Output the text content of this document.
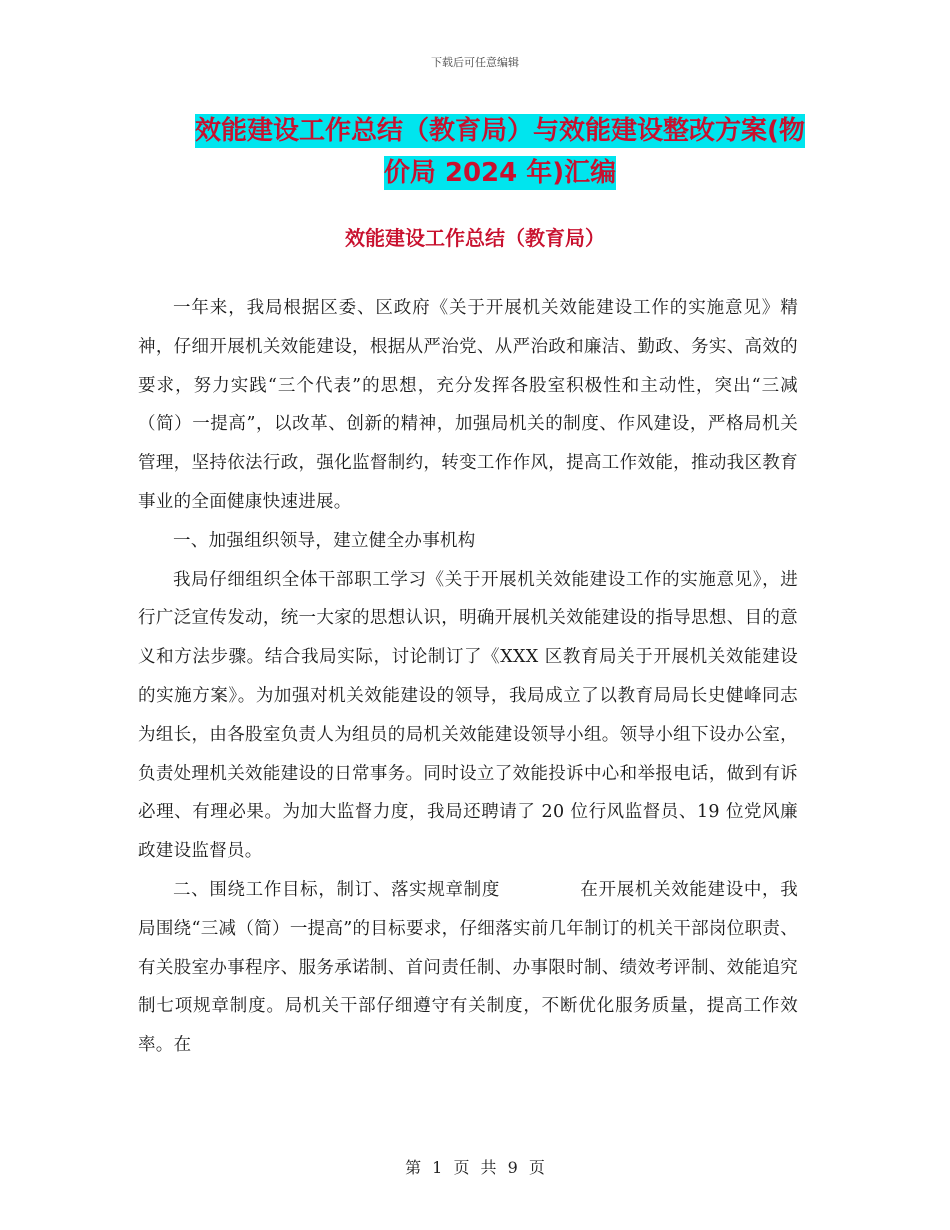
下载后可任意编辑
效能建设工作总结（教育局）与效能建设整改方案(物
价局 2024 年)汇编
效能建设工作总结（教育局）

一年来，我局根据区委、区政府《关于开展机关效能建设工作的实施意见》精神，仔细开展机关效能建设，根据从严治党、从严治政和廉洁、勤政、务实、高效的要求，努力实践“三个代表”的思想，充分发挥各股室积极性和主动性，突出“三减（简）一提高”，以改革、创新的精神，加强局机关的制度、作风建设，严格局机关管理，坚持依法行政，强化监督制约，转变工作作风，提高工作效能，推动我区教育事业的全面健康快速进展。

一、加强组织领导，建立健全办事机构

我局仔细组织全体干部职工学习《关于开展机关效能建设工作的实施意见》，进行广泛宣传发动，统一大家的思想认识，明确开展机关效能建设的指导思想、目的意义和方法步骤。结合我局实际，讨论制订了《XXX 区教育局关于开展机关效能建设的实施方案》。为加强对机关效能建设的领导，我局成立了以教育局局长史健峰同志为组长，由各股室负责人为组员的局机关效能建设领导小组。领导小组下设办公室，负责处理机关效能建设的日常事务。同时设立了效能投诉中心和举报电话，做到有诉必理、有理必果。为加大监督力度，我局还聘请了 20 位行风监督员、19 位党风廉政建设监督员。

二、围绕工作目标，制订、落实规章制度	在开展机关效能建设中，我局围绕“三减（简）一提高”的目标要求，仔细落实前几年制订的机关干部岗位职责、有关股室办事程序、服务承诺制、首问责任制、办事限时制、绩效考评制、效能追究制七项规章制度。局机关干部仔细遵守有关制度，不断优化服务质量，提高工作效率。在

第 1 页 共 9 页
